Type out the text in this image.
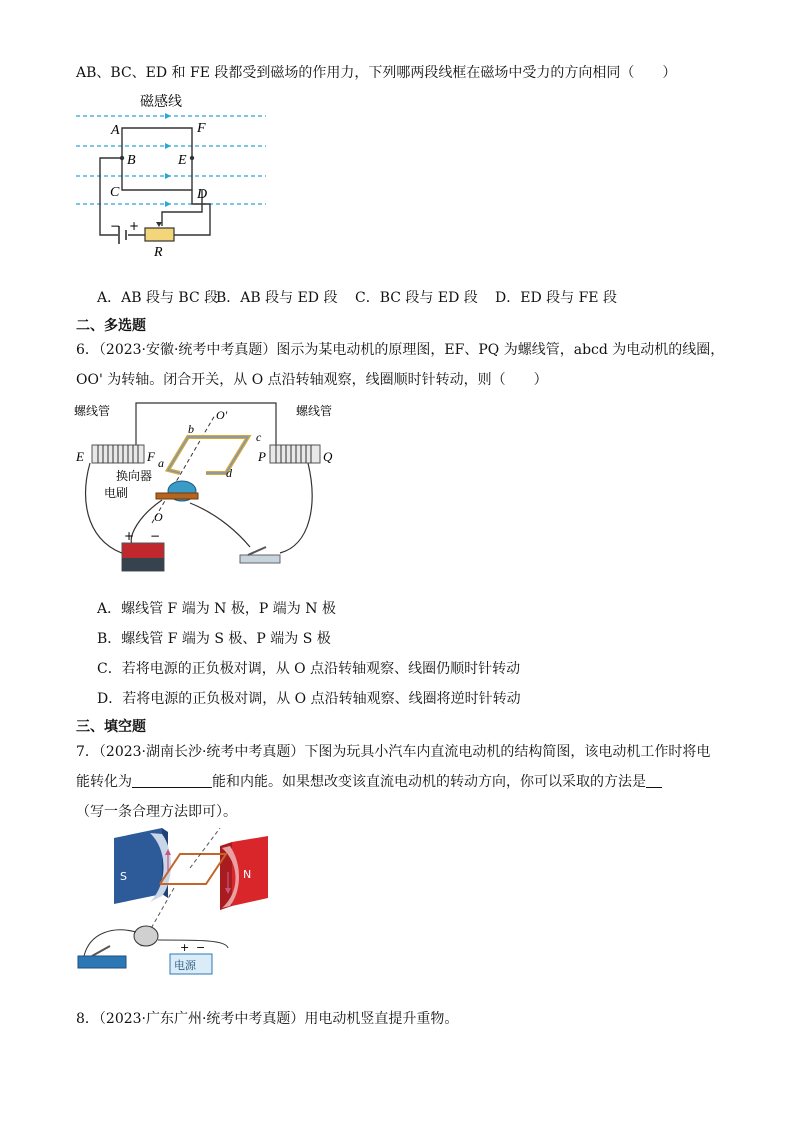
AB、BC、ED 和 FE 段都受到磁场的作用力，下列哪两段线框在磁场中受力的方向相同（　　）
磁感线
A	F
B	E
C	D
− +
R
A．AB 段与 BC 段
B．AB 段与 ED 段 C．BC 段与 ED 段 D．ED 段与 FE 段
二、多选题
6．（2023·安徽·统考中考真题）图示为某电动机的原理图，EF、PQ 为螺线管，abcd 为电动机的线圈，
OO' 为转轴。闭合开关，从 O 点沿转轴观察，线圈顺时针转动，则（　　）
螺线管	螺线管
E	F	P	Q
b
c
a
d
O'
O
换向器
电刷
+ −
A．螺线管 F 端为 N 极，P 端为 N 极
B．螺线管 F 端为 S 极、P 端为 S 极
C．若将电源的正负极对调，从 O 点沿转轴观察、线圈仍顺时针转动
D．若将电源的正负极对调，从 O 点沿转轴观察、线圈将逆时针转动
三、填空题
7．（2023·湖南长沙·统考中考真题）下图为玩具小汽车内直流电动机的结构简图，该电动机工作时将电
能转化为	能和内能。如果想改变该直流电动机的转动方向，你可以采取的方法是
（写一条合理方法即可）。
S	N
电源
+ −
8．（2023·广东广州·统考中考真题）用电动机竖直提升重物。
